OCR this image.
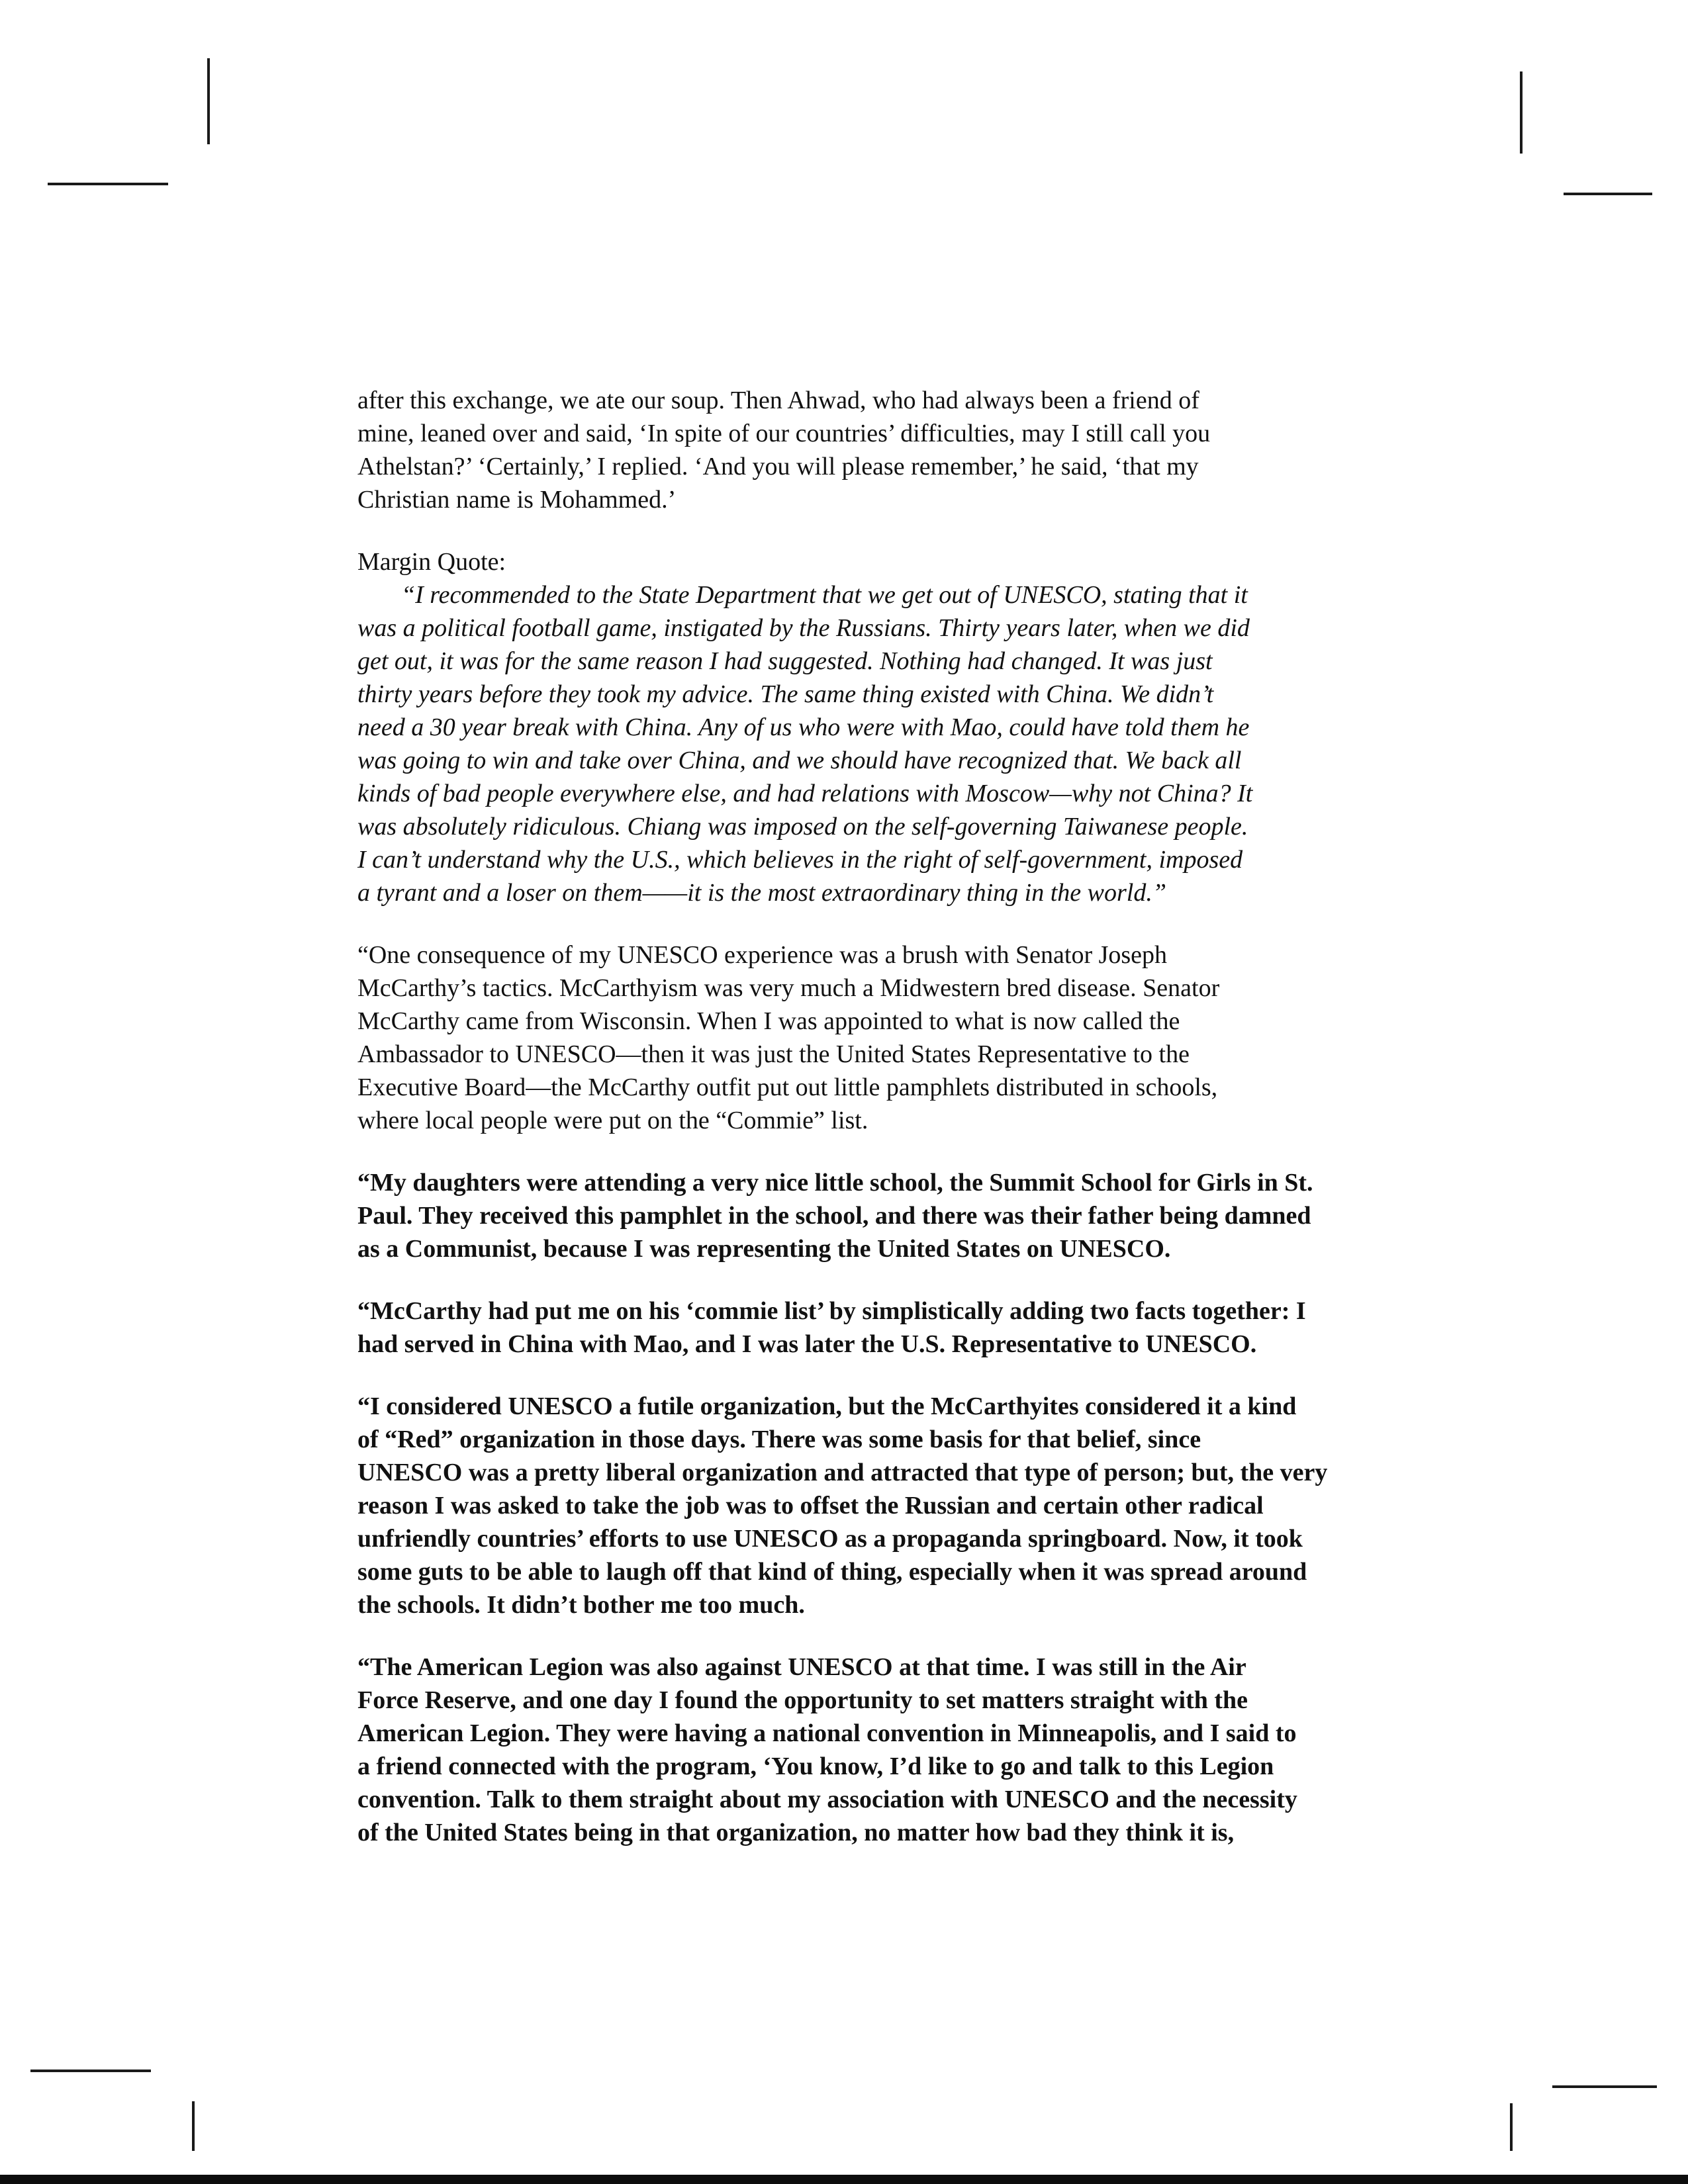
after this exchange, we ate our soup. Then Ahwad, who had always been a friend of
mine, leaned over and said, ‘In spite of our countries’ difficulties, may I still call you
Athelstan?’ ‘Certainly,’ I replied. ‘And you will please remember,’ he said, ‘that my
Christian name is Mohammed.’
Margin Quote:
“I recommended to the State Department that we get out of UNESCO, stating that it
was a political football game, instigated by the Russians. Thirty years later, when we did
get out, it was for the same reason I had suggested. Nothing had changed. It was just
thirty years before they took my advice. The same thing existed with China. We didn’t
need a 30 year break with China. Any of us who were with Mao, could have told them he
was going to win and take over China, and we should have recognized that. We back all
kinds of bad people everywhere else, and had relations with Moscow—why not China? It
was absolutely ridiculous. Chiang was imposed on the self-governing Taiwanese people.
I can’t understand why the U.S., which believes in the right of self-government, imposed
a tyrant and a loser on them——it is the most extraordinary thing in the world.”
“One consequence of my UNESCO experience was a brush with Senator Joseph
McCarthy’s tactics. McCarthyism was very much a Midwestern bred disease. Senator
McCarthy came from Wisconsin. When I was appointed to what is now called the
Ambassador to UNESCO—then it was just the United States Representative to the
Executive Board—the McCarthy outfit put out little pamphlets distributed in schools,
where local people were put on the “Commie” list.
“My daughters were attending a very nice little school, the Summit School for Girls in St.
Paul. They received this pamphlet in the school, and there was their father being damned
as a Communist, because I was representing the United States on UNESCO.
“McCarthy had put me on his ‘commie list’ by simplistically adding two facts together: I
had served in China with Mao, and I was later the U.S. Representative to UNESCO.
“I considered UNESCO a futile organization, but the McCarthyites considered it a kind
of “Red” organization in those days. There was some basis for that belief, since
UNESCO was a pretty liberal organization and attracted that type of person; but, the very
reason I was asked to take the job was to offset the Russian and certain other radical
unfriendly countries’ efforts to use UNESCO as a propaganda springboard. Now, it took
some guts to be able to laugh off that kind of thing, especially when it was spread around
the schools. It didn’t bother me too much.
“The American Legion was also against UNESCO at that time. I was still in the Air
Force Reserve, and one day I found the opportunity to set matters straight with the
American Legion. They were having a national convention in Minneapolis, and I said to
a friend connected with the program, ‘You know, I’d like to go and talk to this Legion
convention. Talk to them straight about my association with UNESCO and the necessity
of the United States being in that organization, no matter how bad they think it is,
